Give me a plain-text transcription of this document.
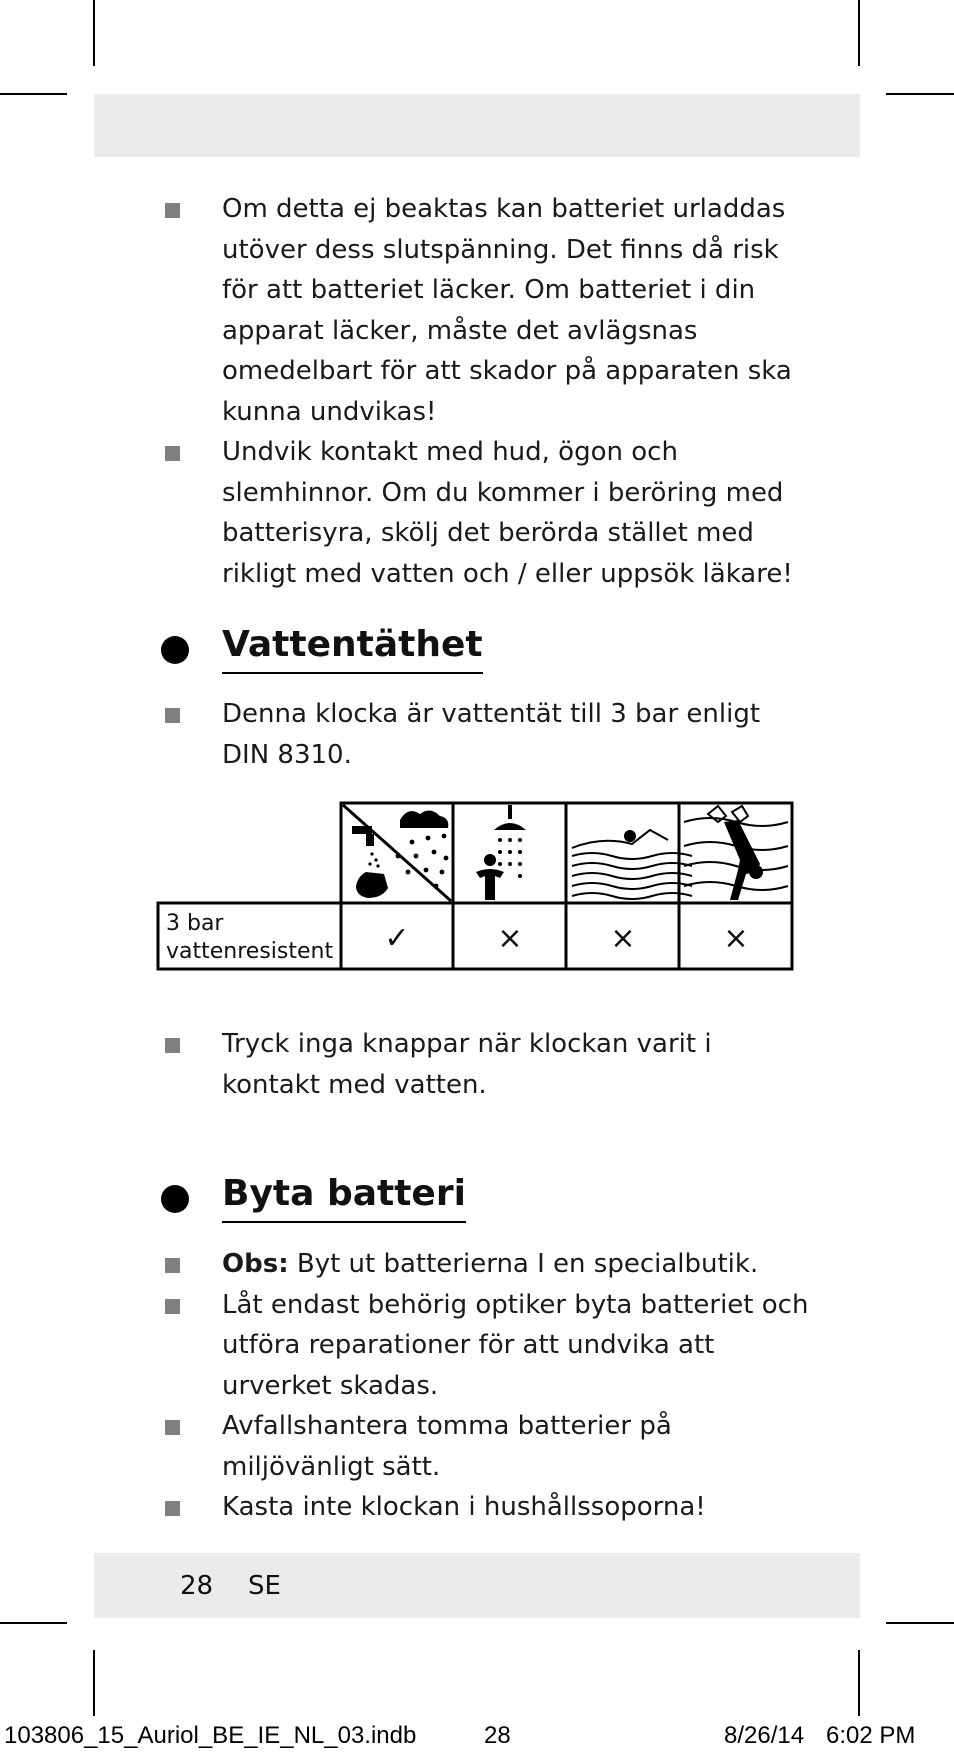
Om detta ej beaktas kan batteriet urladdas utöver dess slutspänning. Det finns då risk för att batteriet läcker. Om batteriet i din apparat läcker, måste det avlägsnas omedelbart för att skador på apparaten ska kunna undvikas!
Undvik kontakt med hud, ögon och slemhinnor. Om du kommer i beröring med batterisyra, skölj det berörda stället med rikligt med vatten och / eller uppsök läkare!
Vattentäthet
Denna klocka är vattentät till 3 bar enligt DIN 8310.
3 bar
vattenresistent ✓	×	×	×
Tryck inga knappar när klockan varit i kontakt med vatten.
Byta batteri
Obs: Byt ut batterierna I en specialbutik.
Låt endast behörig optiker byta batteriet och utföra reparationer för att undvika att urverket skadas.
Avfallshantera tomma batterier på miljövänligt sätt.
Kasta inte klockan i hushållssoporna!
28 SE
103806_15_Auriol_BE_IE_NL_03.indb	28	8/26/14 6:02 PM
